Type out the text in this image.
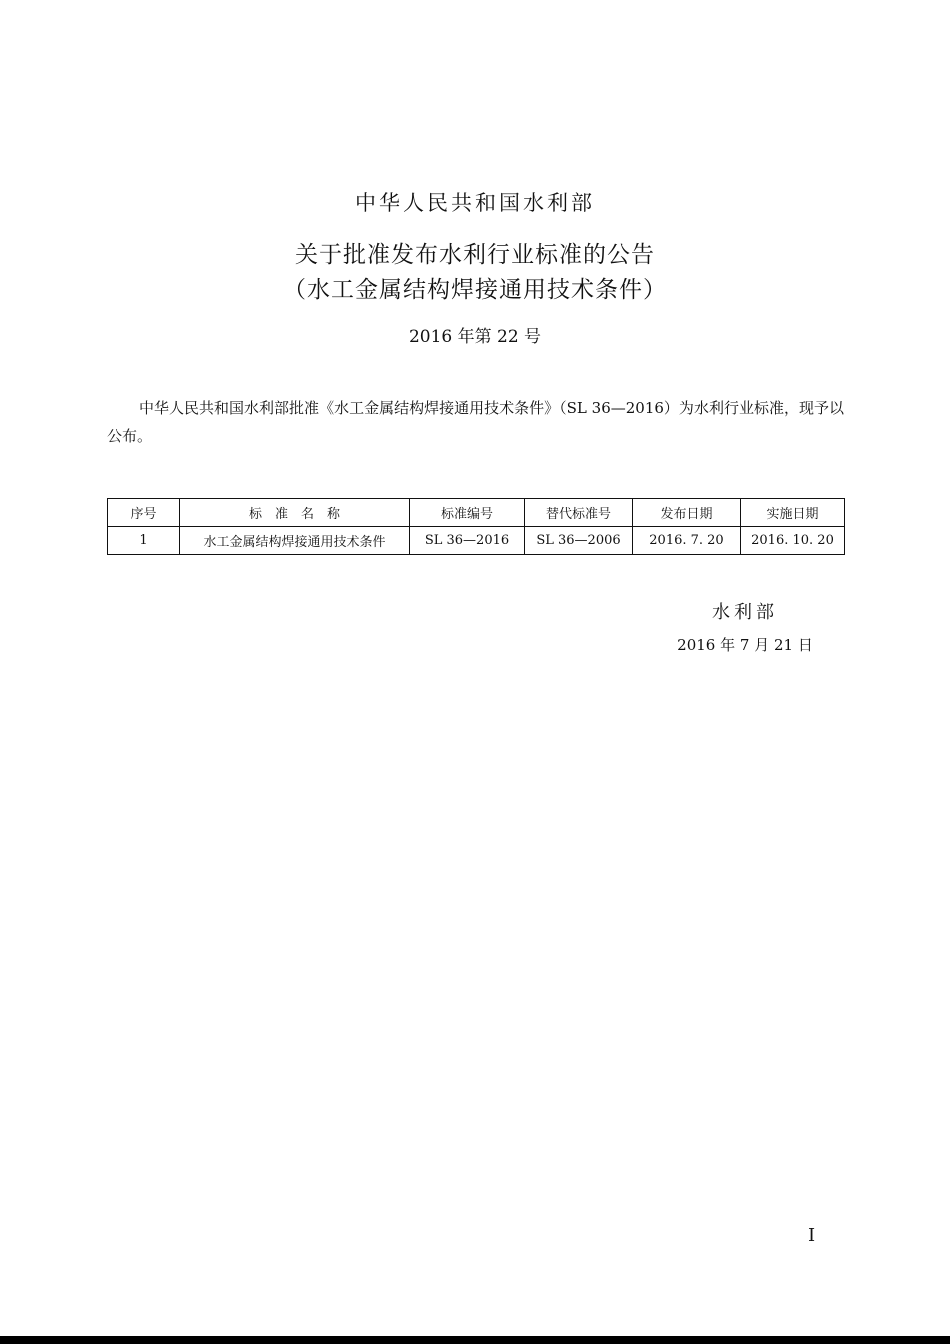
中华人民共和国水利部
关于批准发布水利行业标准的公告
（水工金属结构焊接通用技术条件）
2016 年第 22 号

中华人民共和国水利部批准《水工金属结构焊接通用技术条件》（SL 36—2016）为水利行业标准，现予以公布。

序号	标　准　名　称	标准编号	替代标准号	发布日期	实施日期
1	水工金属结构焊接通用技术条件	SL 36—2016	SL 36—2006	2016. 7. 20	2016. 10. 20
水利部
2016 年 7 月 21 日
I
